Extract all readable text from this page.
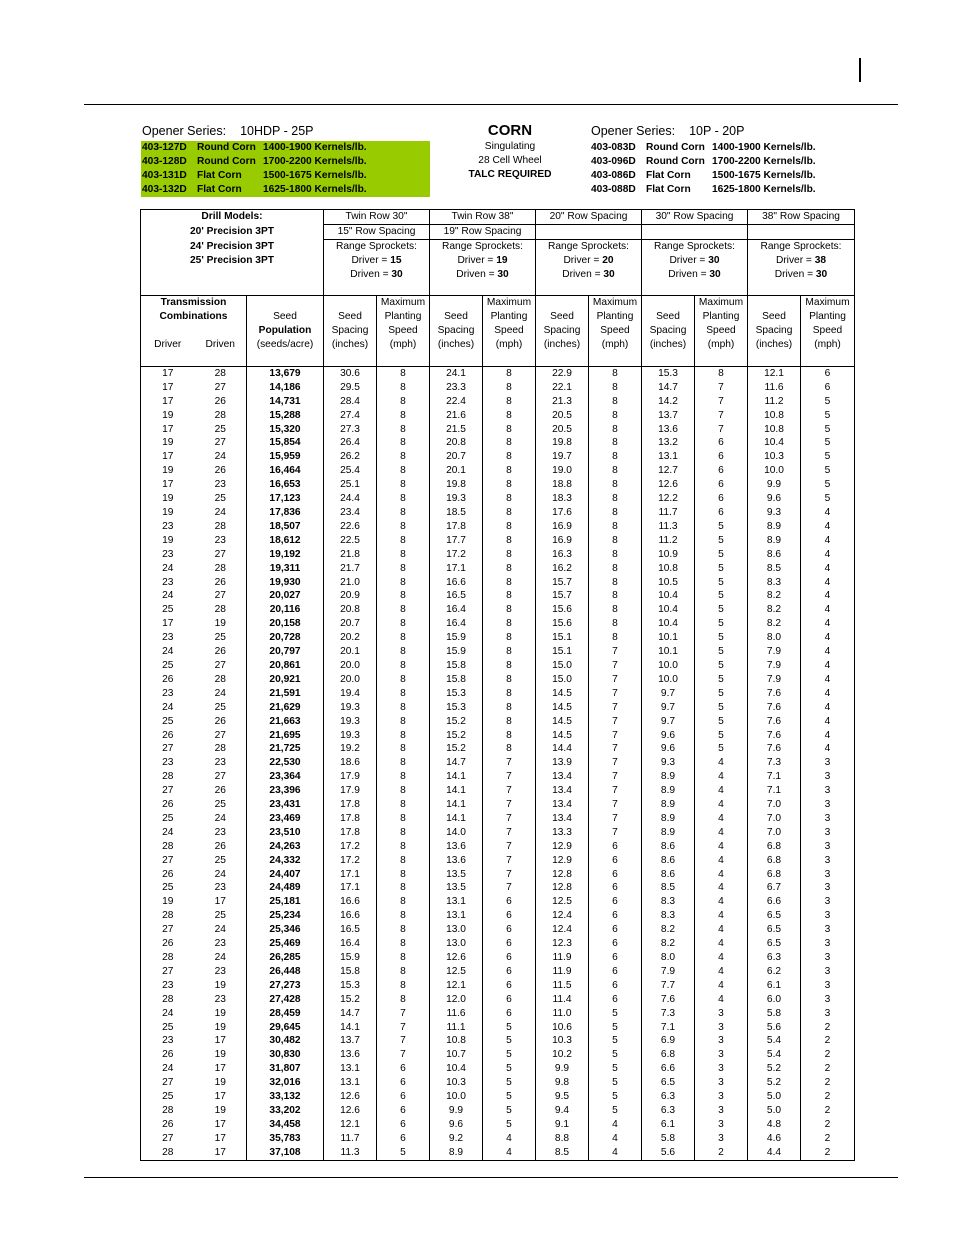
Opener Series: 10HDP - 25P
403-127D Round Corn 1400-1900 Kernels/lb.
403-128D Round Corn 1700-2200 Kernels/lb.
403-131D Flat Corn 1500-1675 Kernels/lb.
403-132D Flat Corn 1625-1800 Kernels/lb.
CORN
Singulating
28 Cell Wheel
TALC REQUIRED
Opener Series: 10P - 20P
403-083D Round Corn 1400-1900 Kernels/lb.
403-096D Round Corn 1700-2200 Kernels/lb.
403-086D Flat Corn 1500-1675 Kernels/lb.
403-088D Flat Corn 1625-1800 Kernels/lb.
Drill Models:			Twin Row 30"		Twin Row 38"		20" Row Spacing		30" Row Spacing		38" Row Spacing	
20' Precision 3PT			15" Row Spacing		19" Row Spacing							
24' Precision 3PT			Range Sprockets:		Range Sprockets:		Range Sprockets:		Range Sprockets:		Range Sprockets:	
25' Precision 3PT			Driver = 15		Driver = 19		Driver = 20		Driver = 30		Driver = 38	
			Driven = 30		Driven = 30		Driven = 30		Driven = 30		Driven = 30	

Transmission				Maximum		Maximum		Maximum		Maximum		Maximum
Combinations		Seed	Seed	Planting	Seed	Planting	Seed	Planting	Seed	Planting	Seed	Planting
		Population	Spacing	Speed	Spacing	Speed	Spacing	Speed	Spacing	Speed	Spacing	Speed
Driver	Driven	(seeds/acre)	(inches)	(mph)	(inches)	(mph)	(inches)	(mph)	(inches)	(mph)	(inches)	(mph)

17	28	13,679	30.6	8	24.1	8	22.9	8	15.3	8	12.1	6
17	27	14,186	29.5	8	23.3	8	22.1	8	14.7	7	11.6	6
17	26	14,731	28.4	8	22.4	8	21.3	8	14.2	7	11.2	5
19	28	15,288	27.4	8	21.6	8	20.5	8	13.7	7	10.8	5
17	25	15,320	27.3	8	21.5	8	20.5	8	13.6	7	10.8	5
19	27	15,854	26.4	8	20.8	8	19.8	8	13.2	6	10.4	5
17	24	15,959	26.2	8	20.7	8	19.7	8	13.1	6	10.3	5
19	26	16,464	25.4	8	20.1	8	19.0	8	12.7	6	10.0	5
17	23	16,653	25.1	8	19.8	8	18.8	8	12.6	6	9.9	5
19	25	17,123	24.4	8	19.3	8	18.3	8	12.2	6	9.6	5
19	24	17,836	23.4	8	18.5	8	17.6	8	11.7	6	9.3	4
23	28	18,507	22.6	8	17.8	8	16.9	8	11.3	5	8.9	4
19	23	18,612	22.5	8	17.7	8	16.9	8	11.2	5	8.9	4
23	27	19,192	21.8	8	17.2	8	16.3	8	10.9	5	8.6	4
24	28	19,311	21.7	8	17.1	8	16.2	8	10.8	5	8.5	4
23	26	19,930	21.0	8	16.6	8	15.7	8	10.5	5	8.3	4
24	27	20,027	20.9	8	16.5	8	15.7	8	10.4	5	8.2	4
25	28	20,116	20.8	8	16.4	8	15.6	8	10.4	5	8.2	4
17	19	20,158	20.7	8	16.4	8	15.6	8	10.4	5	8.2	4
23	25	20,728	20.2	8	15.9	8	15.1	8	10.1	5	8.0	4
24	26	20,797	20.1	8	15.9	8	15.1	7	10.1	5	7.9	4
25	27	20,861	20.0	8	15.8	8	15.0	7	10.0	5	7.9	4
26	28	20,921	20.0	8	15.8	8	15.0	7	10.0	5	7.9	4
23	24	21,591	19.4	8	15.3	8	14.5	7	9.7	5	7.6	4
24	25	21,629	19.3	8	15.3	8	14.5	7	9.7	5	7.6	4
25	26	21,663	19.3	8	15.2	8	14.5	7	9.7	5	7.6	4
26	27	21,695	19.3	8	15.2	8	14.5	7	9.6	5	7.6	4
27	28	21,725	19.2	8	15.2	8	14.4	7	9.6	5	7.6	4
23	23	22,530	18.6	8	14.7	7	13.9	7	9.3	4	7.3	3
28	27	23,364	17.9	8	14.1	7	13.4	7	8.9	4	7.1	3
27	26	23,396	17.9	8	14.1	7	13.4	7	8.9	4	7.1	3
26	25	23,431	17.8	8	14.1	7	13.4	7	8.9	4	7.0	3
25	24	23,469	17.8	8	14.1	7	13.4	7	8.9	4	7.0	3
24	23	23,510	17.8	8	14.0	7	13.3	7	8.9	4	7.0	3
28	26	24,263	17.2	8	13.6	7	12.9	6	8.6	4	6.8	3
27	25	24,332	17.2	8	13.6	7	12.9	6	8.6	4	6.8	3
26	24	24,407	17.1	8	13.5	7	12.8	6	8.6	4	6.8	3
25	23	24,489	17.1	8	13.5	7	12.8	6	8.5	4	6.7	3
19	17	25,181	16.6	8	13.1	6	12.5	6	8.3	4	6.6	3
28	25	25,234	16.6	8	13.1	6	12.4	6	8.3	4	6.5	3
27	24	25,346	16.5	8	13.0	6	12.4	6	8.2	4	6.5	3
26	23	25,469	16.4	8	13.0	6	12.3	6	8.2	4	6.5	3
28	24	26,285	15.9	8	12.6	6	11.9	6	8.0	4	6.3	3
27	23	26,448	15.8	8	12.5	6	11.9	6	7.9	4	6.2	3
23	19	27,273	15.3	8	12.1	6	11.5	6	7.7	4	6.1	3
28	23	27,428	15.2	8	12.0	6	11.4	6	7.6	4	6.0	3
24	19	28,459	14.7	7	11.6	6	11.0	5	7.3	3	5.8	3
25	19	29,645	14.1	7	11.1	5	10.6	5	7.1	3	5.6	2
23	17	30,482	13.7	7	10.8	5	10.3	5	6.9	3	5.4	2
26	19	30,830	13.6	7	10.7	5	10.2	5	6.8	3	5.4	2
24	17	31,807	13.1	6	10.4	5	9.9	5	6.6	3	5.2	2
27	19	32,016	13.1	6	10.3	5	9.8	5	6.5	3	5.2	2
25	17	33,132	12.6	6	10.0	5	9.5	5	6.3	3	5.0	2
28	19	33,202	12.6	6	9.9	5	9.4	5	6.3	3	5.0	2
26	17	34,458	12.1	6	9.6	5	9.1	4	6.1	3	4.8	2
27	17	35,783	11.7	6	9.2	4	8.8	4	5.8	3	4.6	2
28	17	37,108	11.3	5	8.9	4	8.5	4	5.6	2	4.4	2
